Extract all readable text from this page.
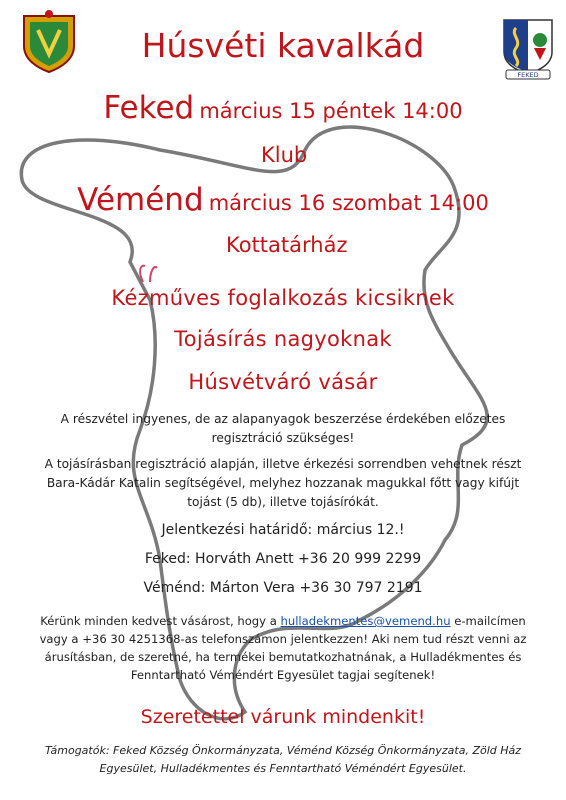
FEKED
Húsvéti kavalkád
Feked március 15 péntek 14:00
Klub
Véménd március 16 szombat 14:00
Kottatárház
Kézműves foglalkozás kicsiknek
Tojásírás nagyoknak
Húsvétváró vásár
A részvétel ingyenes, de az alapanyagok beszerzése érdekében előzetes
regisztráció szükséges!
A tojásírásban regisztráció alapján, illetve érkezési sorrendben vehetnek részt
Bara-Kádár Katalin segítségével, melyhez hozzanak magukkal főtt vagy kifújt
tojást (5 db), illetve tojásírókát.
Jelentkezési határidő: március 12.!
Feked: Horváth Anett +36 20 999 2299
Véménd: Márton Vera +36 30 797 2191
Kérünk minden kedvest vásárost, hogy a hulladekmentes@vemend.hu e-mailcímen
vagy a +36 30 4251368-as telefonszámon jelentkezzen! Aki nem tud részt venni az
árusításban, de szeretné, ha termékei bemutatkozhatnának, a Hulladékmentes és
Fenntartható Véméndért Egyesület tagjai segítenek!
Szeretettel várunk mindenkit!
Támogatók: Feked Község Önkormányzata, Véménd Község Önkormányzata, Zöld Ház
Egyesület, Hulladékmentes és Fenntartható Véméndért Egyesület.
